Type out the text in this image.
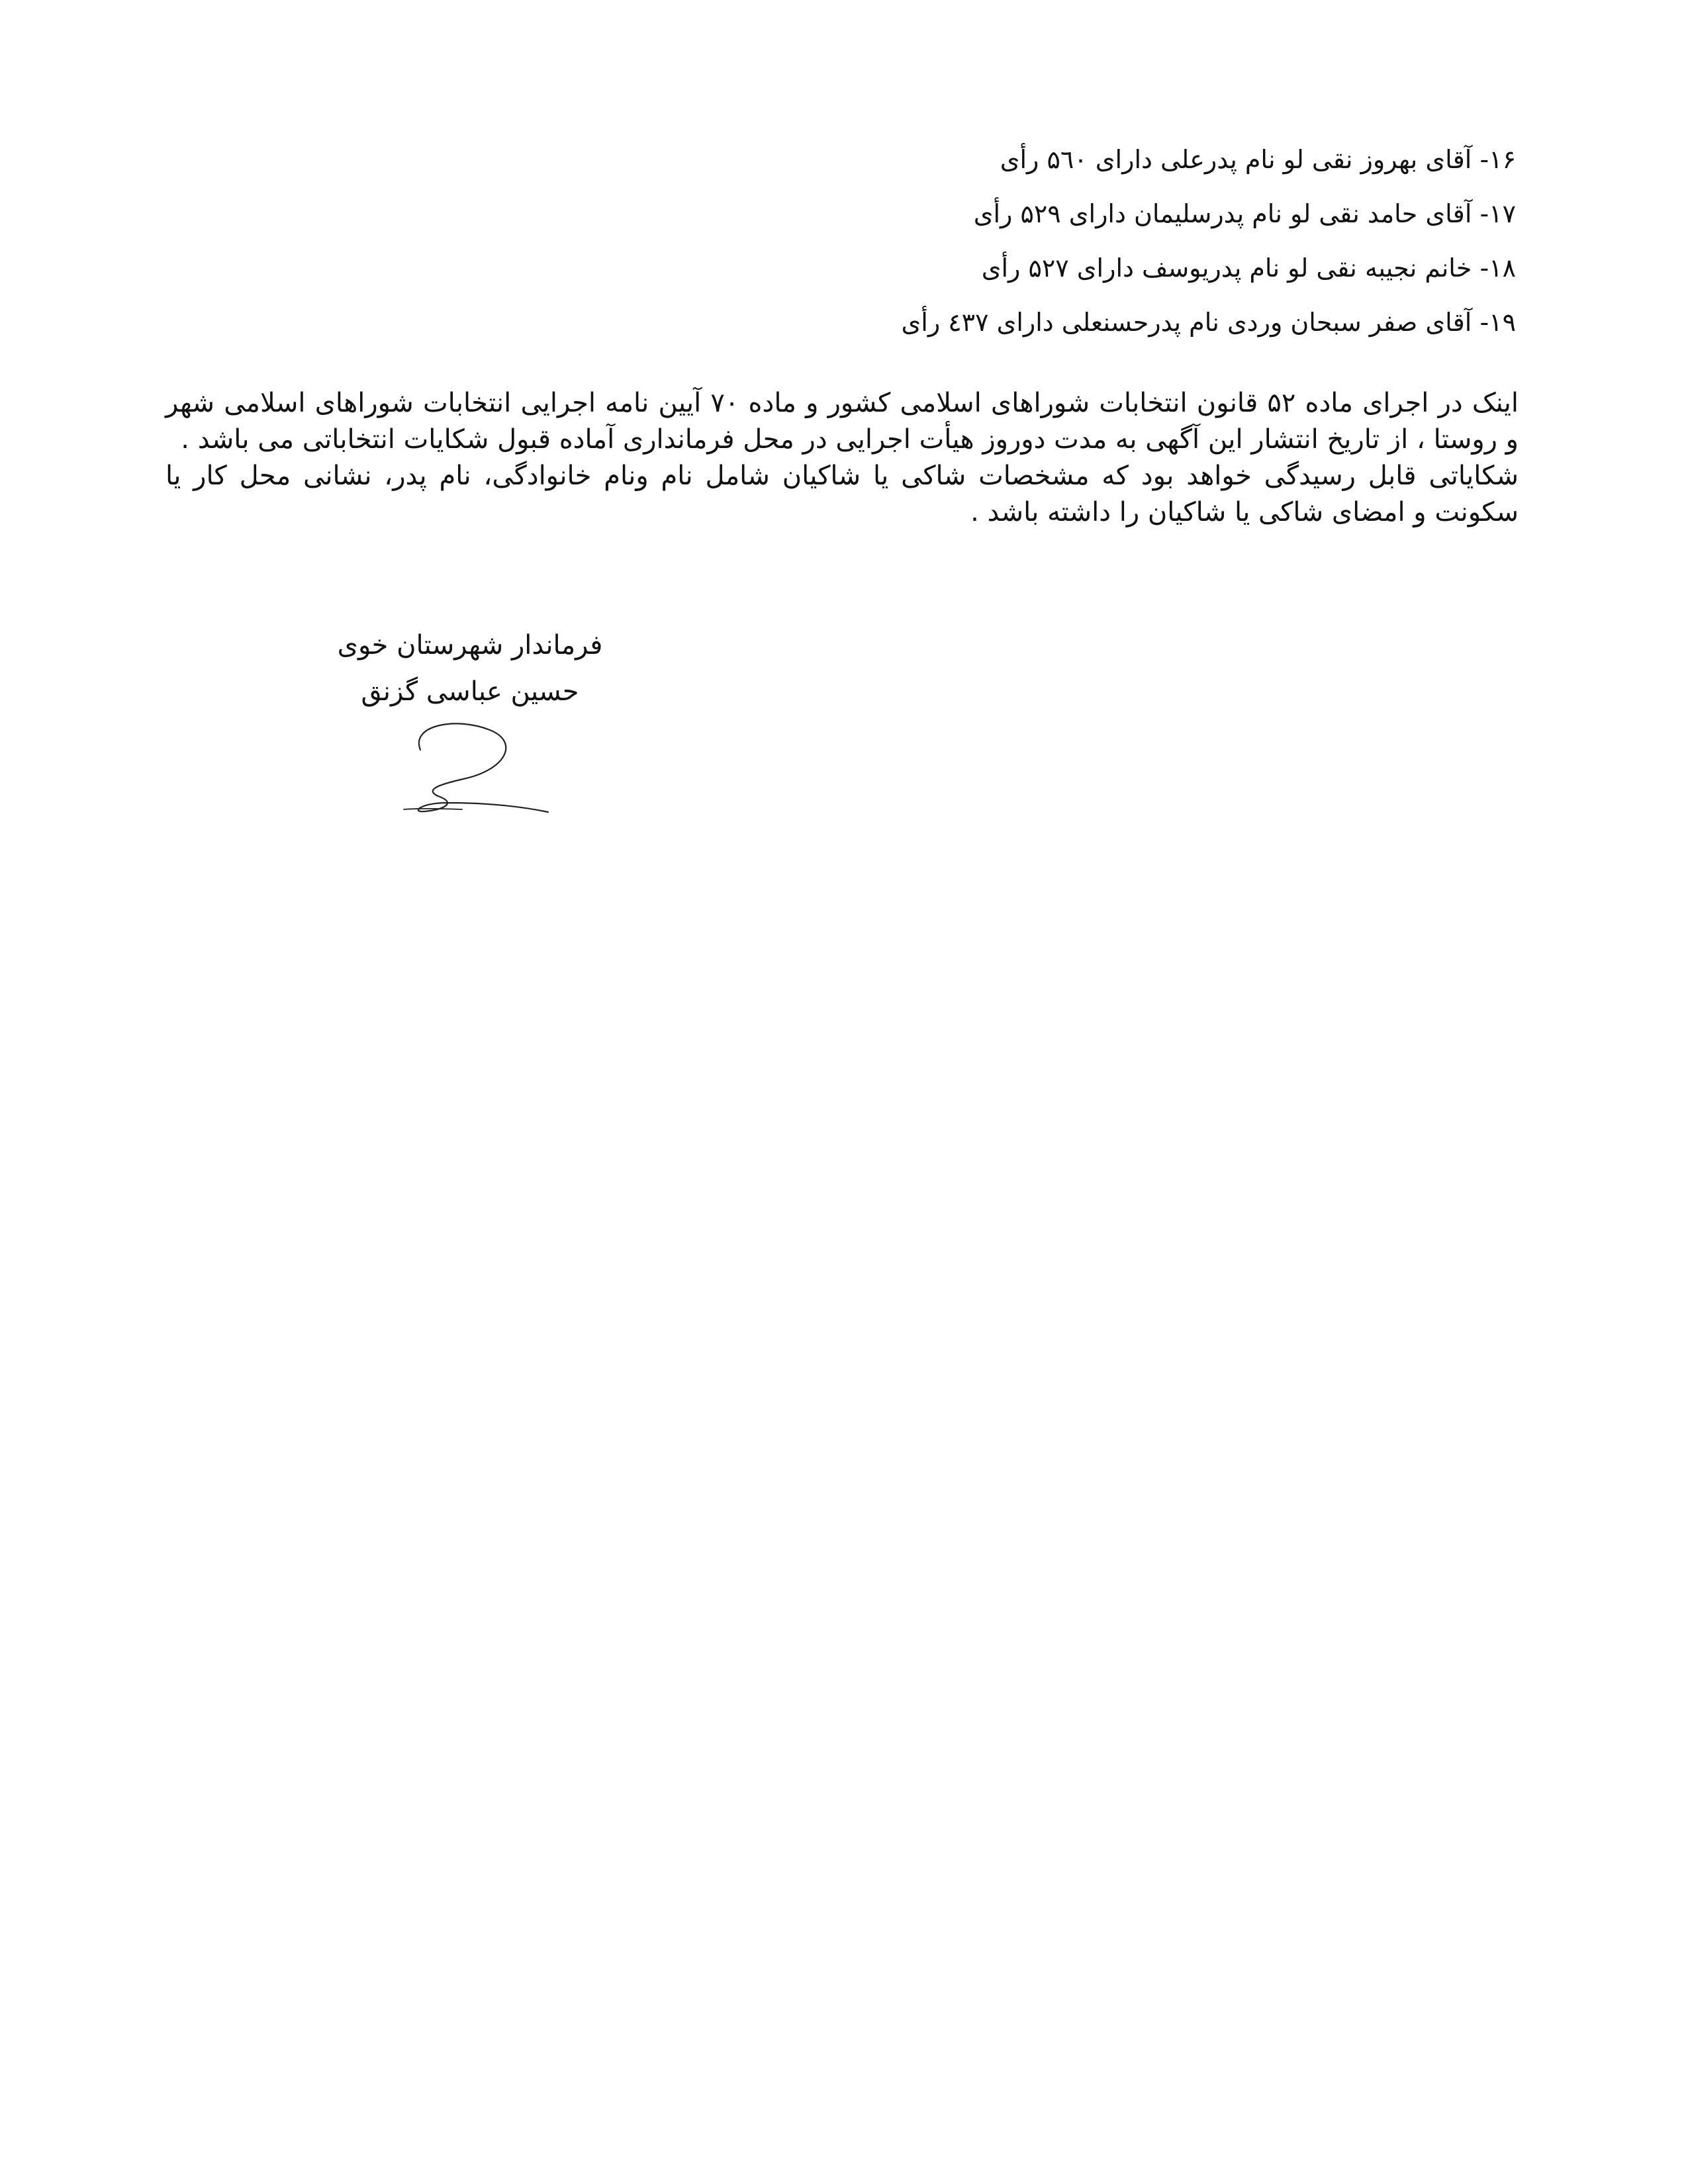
۱۶- آقای بهروز نقی لو نام پدرعلی دارای ۵٦۰ رأی
۱۷- آقای حامد نقی لو نام پدرسلیمان دارای ۵۲۹ رأی
۱۸- خانم نجیبه نقی لو نام پدریوسف دارای ۵۲۷ رأی
۱۹- آقای صفر سبحان وردی نام پدرحسنعلی دارای ٤۳۷ رأی

اینک در اجرای ماده ۵۲ قانون انتخابات شوراهای اسلامی کشور و ماده ۷۰ آیین نامه اجرایی انتخابات شوراهای اسلامی شهر و روستا ، از تاریخ انتشار این آگهی به مدت دوروز هیأت اجرایی در محل فرمانداری آماده قبول شکایات انتخاباتی می باشد .

شکایاتی قابل رسیدگی خواهد بود که مشخصات شاکی یا شاکیان شامل نام ونام خانوادگی، نام پدر، نشانی محل کار یا سکونت و امضای شاکی یا شاکیان را داشته باشد .

فرماندار شهرستان خوی
حسین عباسی گزنق
